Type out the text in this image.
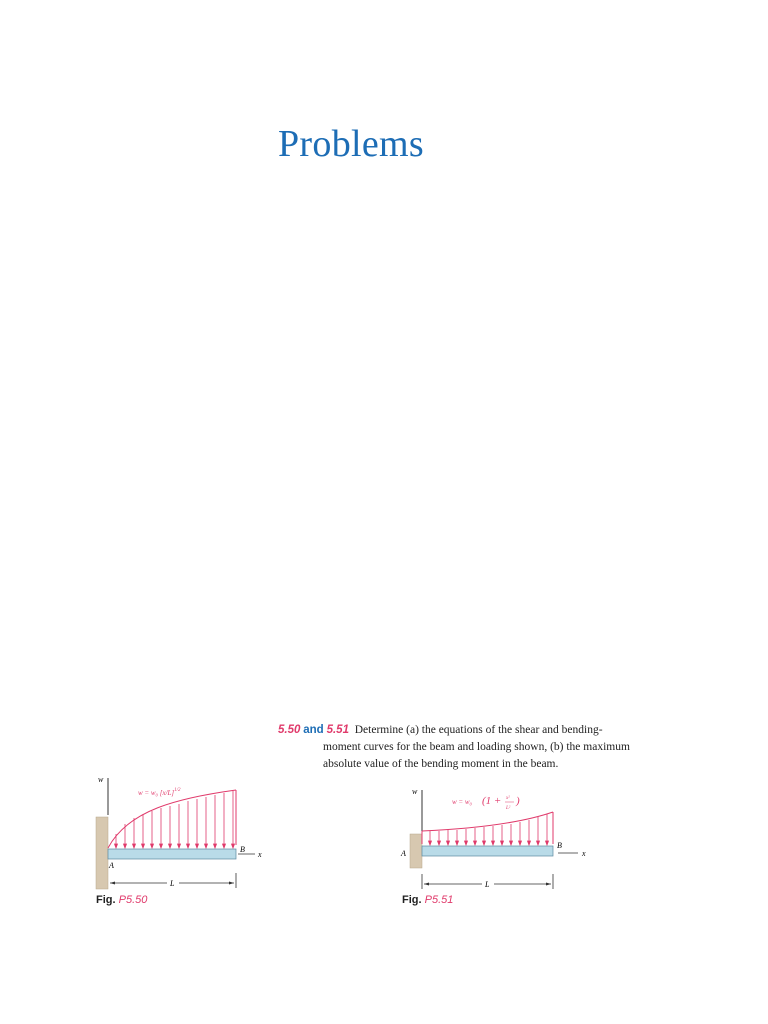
Problems
5.50 and 5.51 Determine (a) the equations of the shear and bending-
moment curves for the beam and loading shown, (b) the maximum
absolute value of the bending moment in the beam.
w
w = w₀ $[x/L]^{1/2}$
A
B
x
L
Fig. P5.50
w
w = w₀ (1 + x²
L²
)
A
B
x
L
Fig. P5.51
